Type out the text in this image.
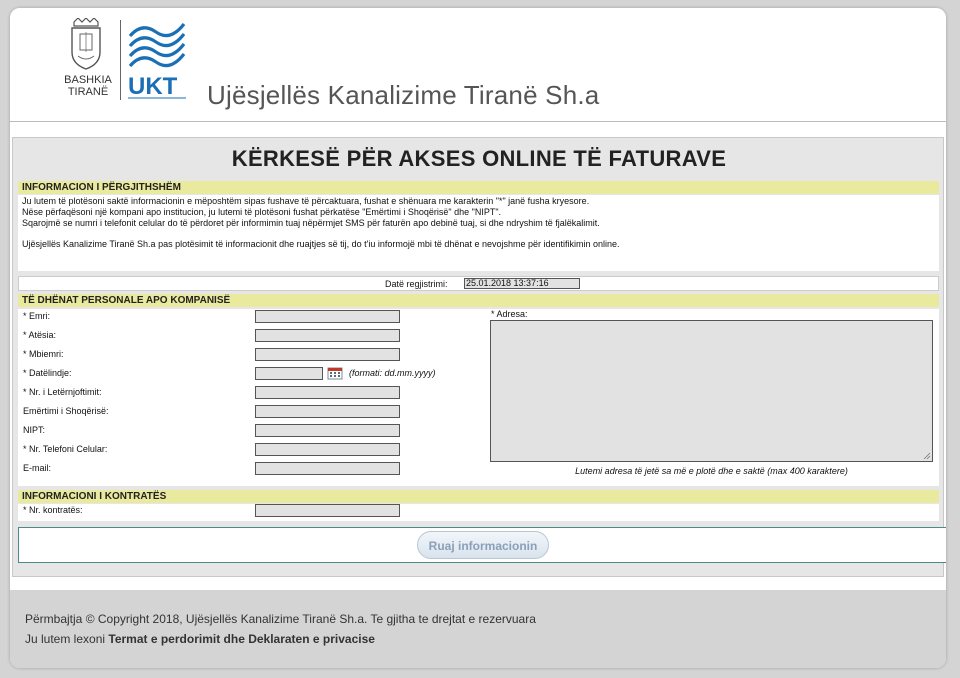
BASHKIA
TIRANË UKT Ujësjellës Kanalizime Tiranë Sh.a
KËRKESË PËR AKSES ONLINE TË FATURAVE
INFORMACION I PËRGJITHSHËM

Ju lutem të plotësoni saktë informacionin e mëposhtëm sipas fushave të përcaktuara, fushat e shënuara me karakterin "*" janë fusha kryesore.

Nëse përfaqësoni një kompani apo institucion, ju lutemi të plotësoni fushat përkatëse "Emërtimi i Shoqërisë" dhe "NIPT".

Sqarojmë se numri i telefonit celular do të përdoret për informimin tuaj nëpërmjet SMS për faturën apo debinë tuaj, si dhe ndryshim të fjalëkalimit.

Ujësjellës Kanalizime Tiranë Sh.a pas plotësimit të informacionit dhe ruajtjes së tij, do t'iu informojë mbi të dhënat e nevojshme për identifikimin online.

Datë regjistrimi: 25.01.2018 13:37:16
TË DHËNAT PERSONALE APO KOMPANISË
* Emri:
* Atësia:
* Mbiemri:
* Datëlindje:	(formati: dd.mm.yyyy)
* Nr. i Letërnjoftimit:
Emërtimi i Shoqërisë:
NIPT:
* Nr. Telefoni Celular:
E-mail:
* Adresa:
Lutemi adresa të jetë sa më e plotë dhe e saktë (max 400 karaktere)
INFORMACIONI I KONTRATËS
* Nr. kontratës:
Ruaj informacionin
Përmbajtja © Copyright 2018, Ujësjellës Kanalizime Tiranë Sh.a. Te gjitha te drejtat e rezervuara
Ju lutem lexoni Termat e perdorimit dhe Deklaraten e privacise
